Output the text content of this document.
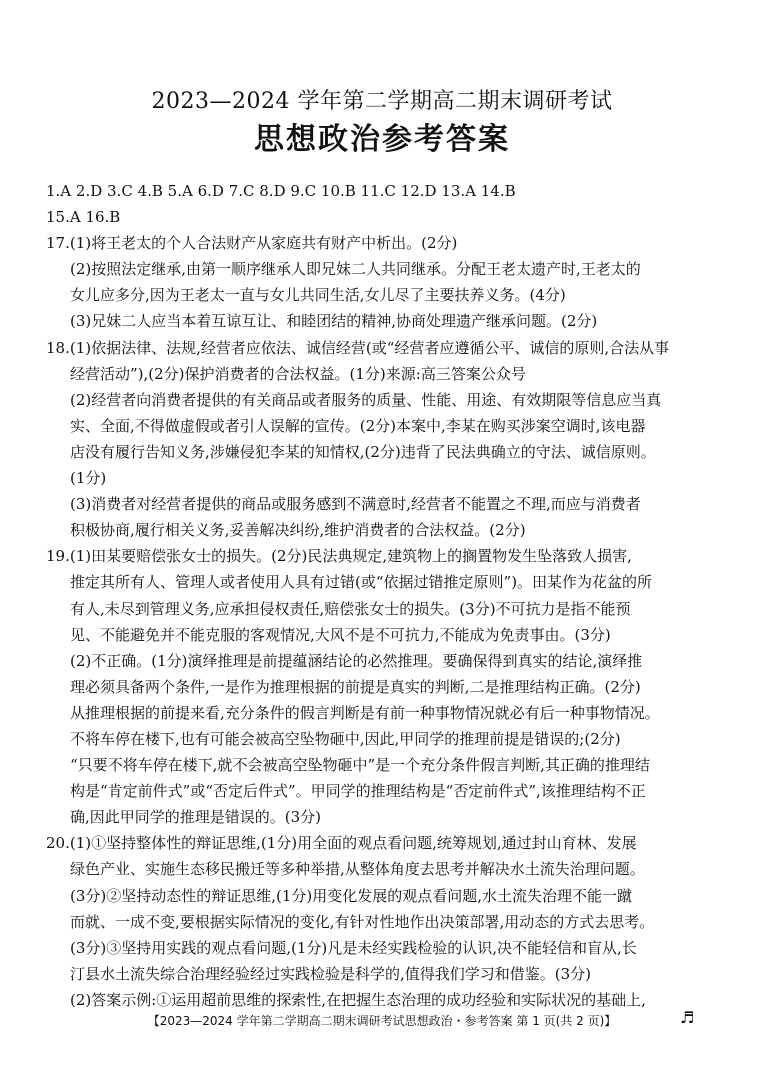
2023—2024 学年第二学期高二期末调研考试
思想政治参考答案
1.A 2.D 3.C 4.B 5.A 6.D 7.C 8.D 9.C 10.B 11.C 12.D 13.A 14.B
15.A 16.B
17.(1)将王老太的个人合法财产从家庭共有财产中析出。(2分)
(2)按照法定继承,由第一顺序继承人即兄妹二人共同继承。分配王老太遗产时,王老太的
女儿应多分,因为王老太一直与女儿共同生活,女儿尽了主要扶养义务。(4分)
(3)兄妹二人应当本着互谅互让、和睦团结的精神,协商处理遗产继承问题。(2分)
18.(1)依据法律、法规,经营者应依法、诚信经营(或“经营者应遵循公平、诚信的原则,合法从事
经营活动”),(2分)保护消费者的合法权益。(1分)来源:高三答案公众号
(2)经营者向消费者提供的有关商品或者服务的质量、性能、用途、有效期限等信息应当真
实、全面,不得做虚假或者引人误解的宣传。(2分)本案中,李某在购买涉案空调时,该电器
店没有履行告知义务,涉嫌侵犯李某的知情权,(2分)违背了民法典确立的守法、诚信原则。
(1分)
(3)消费者对经营者提供的商品或服务感到不满意时,经营者不能置之不理,而应与消费者
积极协商,履行相关义务,妥善解决纠纷,维护消费者的合法权益。(2分)
19.(1)田某要赔偿张女士的损失。(2分)民法典规定,建筑物上的搁置物发生坠落致人损害,
推定其所有人、管理人或者使用人具有过错(或“依据过错推定原则”)。田某作为花盆的所
有人,未尽到管理义务,应承担侵权责任,赔偿张女士的损失。(3分)不可抗力是指不能预
见、不能避免并不能克服的客观情况,大风不是不可抗力,不能成为免责事由。(3分)
(2)不正确。(1分)演绎推理是前提蕴涵结论的必然推理。要确保得到真实的结论,演绎推
理必须具备两个条件,一是作为推理根据的前提是真实的判断,二是推理结构正确。(2分)
从推理根据的前提来看,充分条件的假言判断是有前一种事物情况就必有后一种事物情况。
不将车停在楼下,也有可能会被高空坠物砸中,因此,甲同学的推理前提是错误的;(2分)
“只要不将车停在楼下,就不会被高空坠物砸中”是一个充分条件假言判断,其正确的推理结
构是“肯定前件式”或“否定后件式”。甲同学的推理结构是“否定前件式”,该推理结构不正
确,因此甲同学的推理是错误的。(3分)
20.(1)①坚持整体性的辩证思维,(1分)用全面的观点看问题,统筹规划,通过封山育林、发展
绿色产业、实施生态移民搬迁等多种举措,从整体角度去思考并解决水土流失治理问题。
(3分)②坚持动态性的辩证思维,(1分)用变化发展的观点看问题,水土流失治理不能一蹴
而就、一成不变,要根据实际情况的变化,有针对性地作出决策部署,用动态的方式去思考。
(3分)③坚持用实践的观点看问题,(1分)凡是未经实践检验的认识,决不能轻信和盲从,长
汀县水土流失综合治理经验经过实践检验是科学的,值得我们学习和借鉴。(3分)
(2)答案示例:①运用超前思维的探索性,在把握生态治理的成功经验和实际状况的基础上,
【2023—2024 学年第二学期高二期末调研考试思想政治・参考答案 第 1 页(共 2 页)】	♬
